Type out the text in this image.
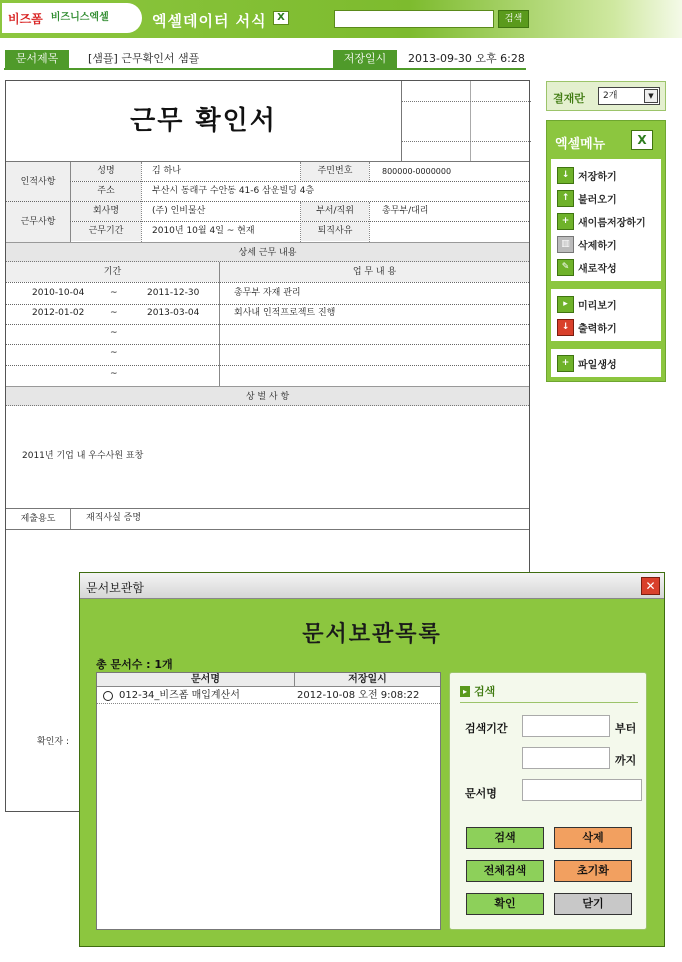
비즈폼 비즈니스엑셀	엑셀데이터 서식	X	검색
문서제목	[샘플] 근무확인서 샘플	저장일시	2013-09-30 오후 6:28
근무 확인서
인적사항
근무사항
성명	김 하나	주민번호	800000-0000000
주소	부산시 동래구 수안동 41-6 삼운빌딩 4층
회사명	(주) 인비물산	부서/직위	총무부/대리
근무기간	2010년 10월 4일 ~ 현재	퇴직사유
상세 근무 내용
기간	업 무 내 용
2010-10-04	~	2011-12-30	총무부 자재 관리
2012-01-02	~	2013-03-04	회사내 인적프로젝트 진행
~
~
~
상 벌 사 항
2011년 기업 내 우수사원 표창
제출용도	재직사실 증명
확인자 :
결재란	2개	▼
엑셀메뉴	X
↓ 저장하기
↑ 불러오기
+ 새이름저장하기
▥ 삭제하기
✎ 새로작성
▸	미리보기
↓ 출력하기
+ 파일생성
문서보관함	✕
문서보관목록
총 문서수 : 1개
문서명	저장일시
012-34_비즈폼 매입계산서	2012-10-08 오전 9:08:22	▸ 검색
검색기간	부터
까지
문서명
검색	삭제
전체검색	초기화
확인	닫기
